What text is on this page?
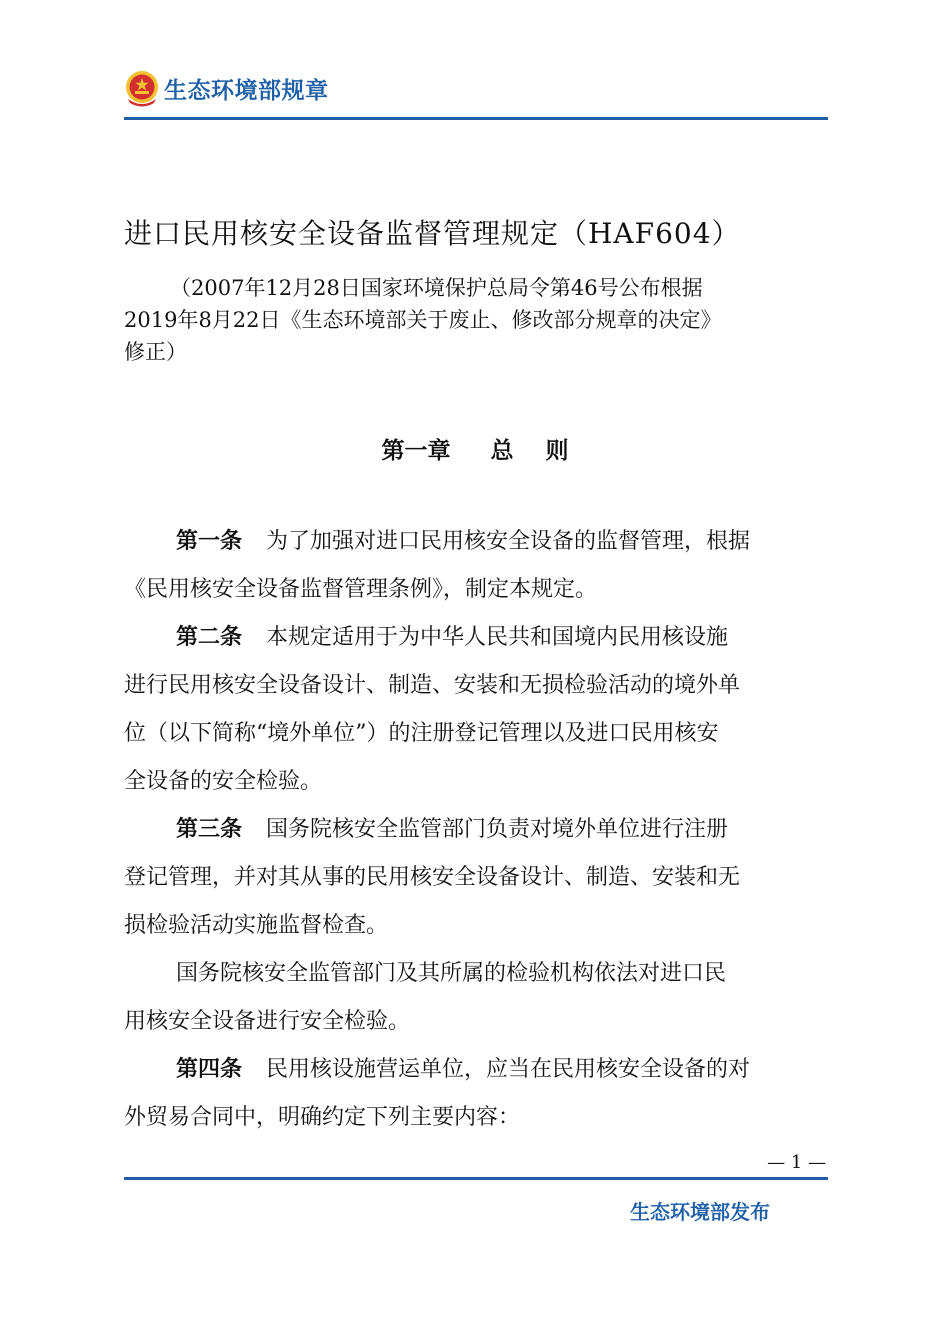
生态环境部规章
进口民用核安全设备监督管理规定（HAF604）

（2007年12月28日国家环境保护总局令第46号公布根据

2019年8月22日《生态环境部关于废止、修改部分规章的决定》

修正）

第一章 总 则

第一条 为了加强对进口民用核安全设备的监督管理，根据

《民用核安全设备监督管理条例》，制定本规定。

第二条 本规定适用于为中华人民共和国境内民用核设施

进行民用核安全设备设计、制造、安装和无损检验活动的境外单

位（以下简称“境外单位”）的注册登记管理以及进口民用核安

全设备的安全检验。

第三条 国务院核安全监管部门负责对境外单位进行注册

登记管理，并对其从事的民用核安全设备设计、制造、安装和无

损检验活动实施监督检查。

国务院核安全监管部门及其所属的检验机构依法对进口民

用核安全设备进行安全检验。

第四条 民用核设施营运单位，应当在民用核安全设备的对

外贸易合同中，明确约定下列主要内容：

— 1 —
生态环境部发布
